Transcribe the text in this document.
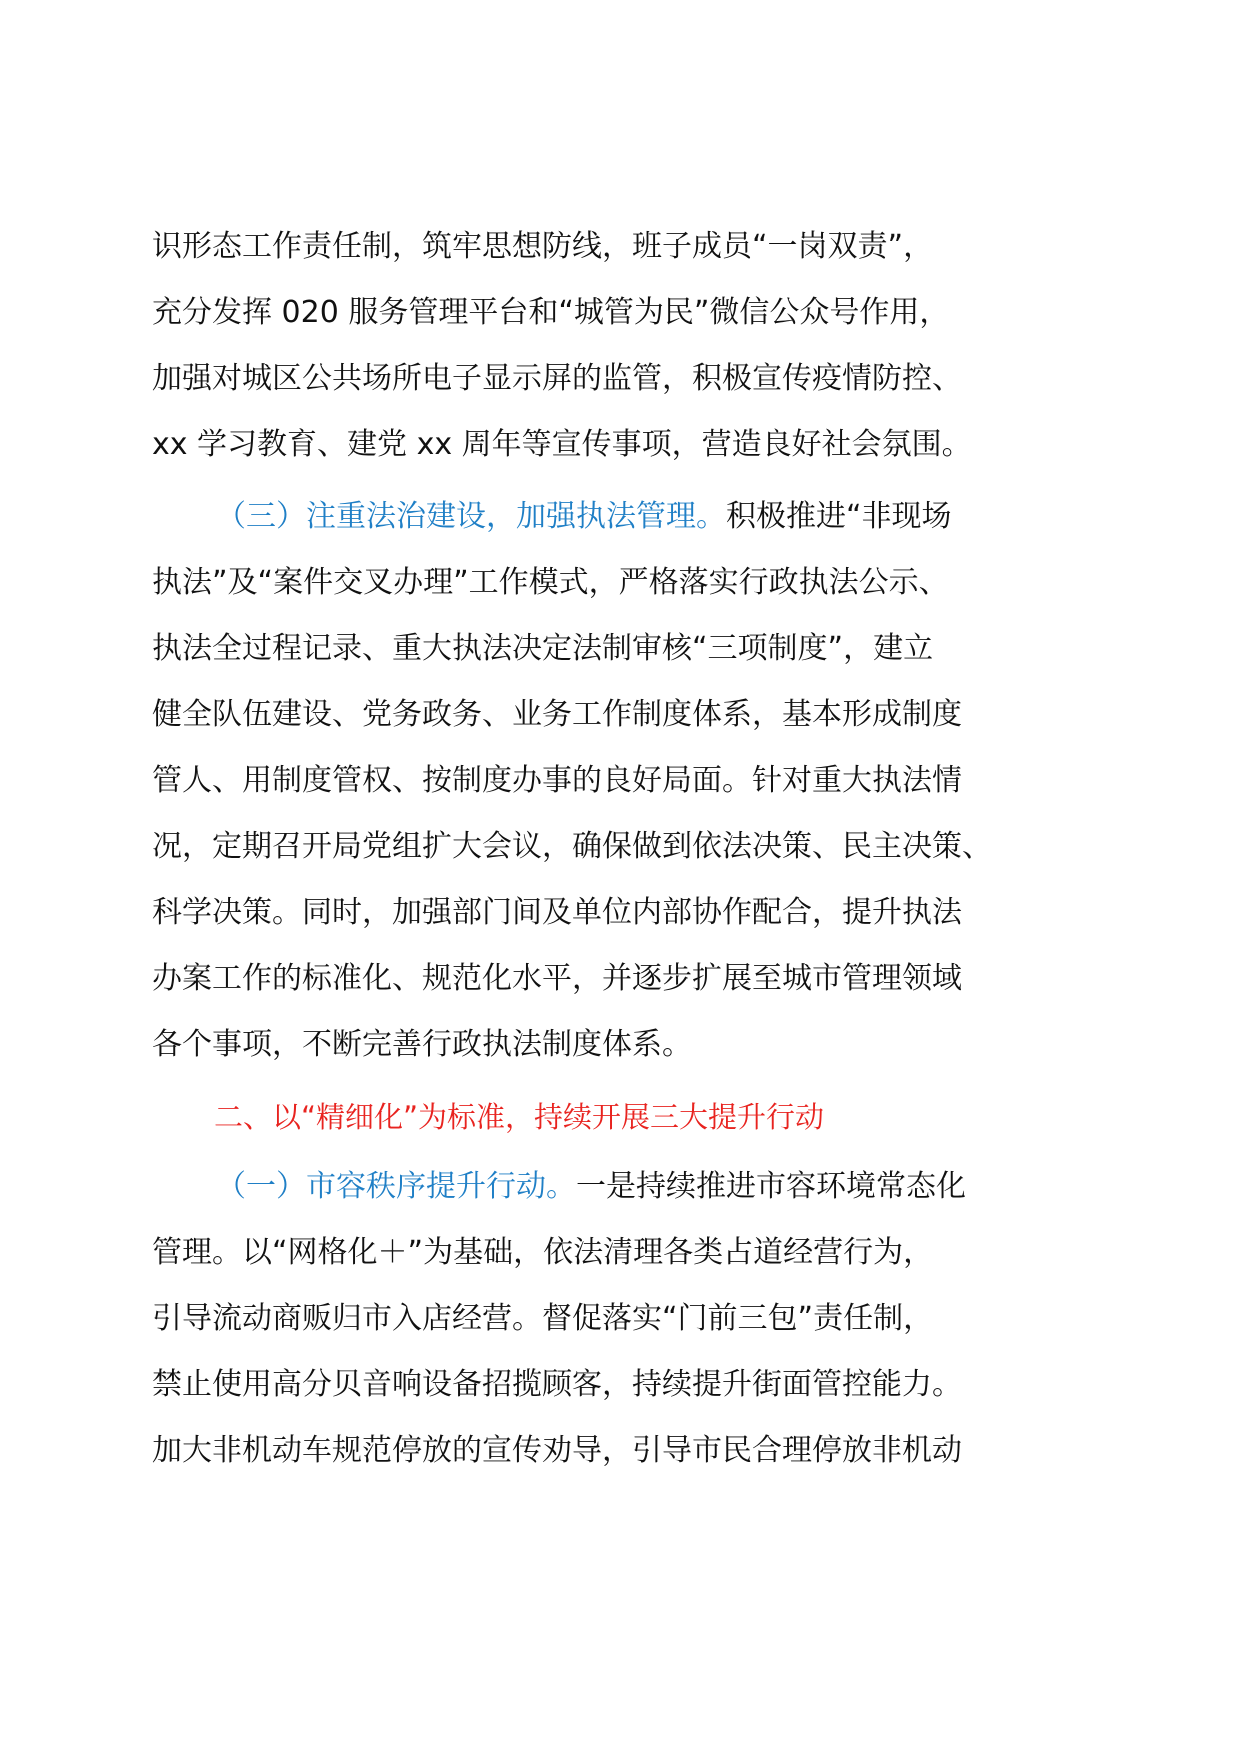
识形态工作责任制，筑牢思想防线，班子成员“一岗双责”，
充分发挥 020 服务管理平台和“城管为民”微信公众号作用，
加强对城区公共场所电子显示屏的监管，积极宣传疫情防控、
xx 学习教育、建党 xx 周年等宣传事项，营造良好社会氛围。
（三）注重法治建设，加强执法管理。积极推进“非现场
执法”及“案件交叉办理”工作模式，严格落实行政执法公示、
执法全过程记录、重大执法决定法制审核“三项制度”，建立
健全队伍建设、党务政务、业务工作制度体系，基本形成制度
管人、用制度管权、按制度办事的良好局面。针对重大执法情
况，定期召开局党组扩大会议，确保做到依法决策、民主决策、
科学决策。同时，加强部门间及单位内部协作配合，提升执法
办案工作的标准化、规范化水平，并逐步扩展至城市管理领域
各个事项，不断完善行政执法制度体系。
二、以“精细化”为标准，持续开展三大提升行动
（一）市容秩序提升行动。一是持续推进市容环境常态化
管理。以“网格化＋”为基础，依法清理各类占道经营行为，
引导流动商贩归市入店经营。督促落实“门前三包”责任制，
禁止使用高分贝音响设备招揽顾客，持续提升街面管控能力。
加大非机动车规范停放的宣传劝导，引导市民合理停放非机动
